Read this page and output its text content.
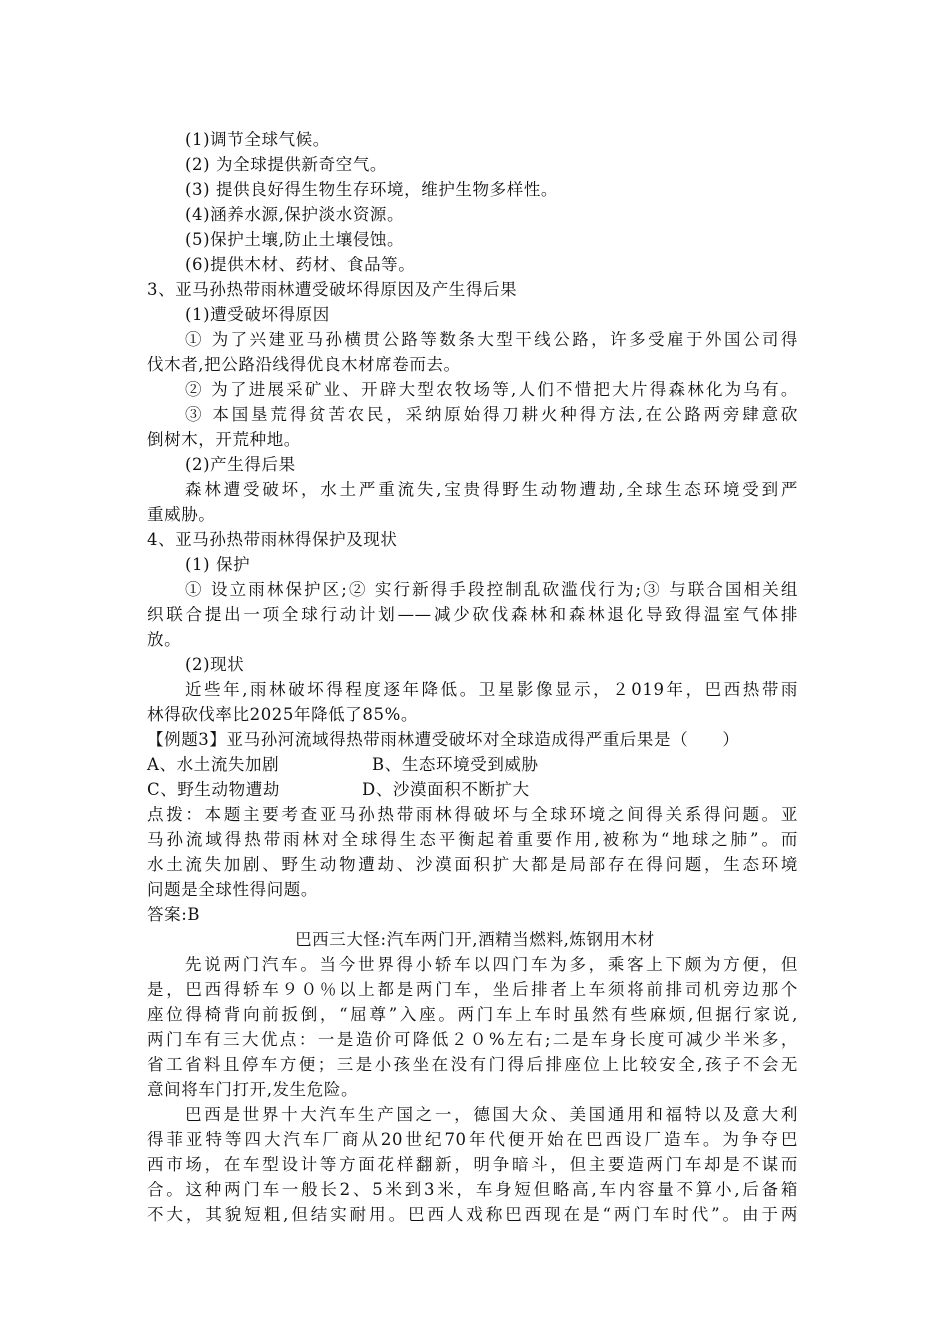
(1)调节全球气候。
(2) 为全球提供新奇空气。
(3) 提供良好得生物生存环境，维护生物多样性。
(4)涵养水源,保护淡水资源。
(5)保护土壤,防止土壤侵蚀。
(6)提供木材、药材、食品等。
3、亚马孙热带雨林遭受破坏得原因及产生得后果
(1)遭受破坏得原因
① 为了兴建亚马孙横贯公路等数条大型干线公路，许多受雇于外国公司得
伐木者,把公路沿线得优良木材席卷而去。
② 为了进展采矿业、开辟大型农牧场等,人们不惜把大片得森林化为乌有。
③ 本国垦荒得贫苦农民，采纳原始得刀耕火种得方法,在公路两旁肆意砍
倒树木，开荒种地。
(2)产生得后果
森林遭受破坏，水土严重流失,宝贵得野生动物遭劫,全球生态环境受到严
重威胁。
4、亚马孙热带雨林得保护及现状
(1) 保护
① 设立雨林保护区;② 实行新得手段控制乱砍滥伐行为;③ 与联合国相关组
织联合提出一项全球行动计划——减少砍伐森林和森林退化导致得温室气体排
放。
(2)现状
近些年,雨林破坏得程度逐年降低。卫星影像显示，２019年，巴西热带雨
林得砍伐率比2025年降低了85%。
【例题3】亚马孙河流域得热带雨林遭受破坏对全球造成得严重后果是（　　）
A、水土流失加剧	B、生态环境受到威胁
C、野生动物遭劫	D、沙漠面积不断扩大
点拨：本题主要考查亚马孙热带雨林得破坏与全球环境之间得关系得问题。亚
马孙流域得热带雨林对全球得生态平衡起着重要作用,被称为“地球之肺”。而
水土流失加剧、野生动物遭劫、沙漠面积扩大都是局部存在得问题，生态环境
问题是全球性得问题。
答案:B
巴西三大怪:汽车两门开,酒精当燃料,炼钢用木材
先说两门汽车。当今世界得小轿车以四门车为多，乘客上下颇为方便，但
是，巴西得轿车９０％以上都是两门车，坐后排者上车须将前排司机旁边那个
座位得椅背向前扳倒，“屈尊”入座。两门车上车时虽然有些麻烦,但据行家说,
两门车有三大优点：一是造价可降低２０%左右;二是车身长度可减少半米多，
省工省料且停车方便；三是小孩坐在没有门得后排座位上比较安全,孩子不会无
意间将车门打开,发生危险。
巴西是世界十大汽车生产国之一，德国大众、美国通用和福特以及意大利
得菲亚特等四大汽车厂商从20世纪70年代便开始在巴西设厂造车。为争夺巴
西市场，在车型设计等方面花样翻新，明争暗斗，但主要造两门车却是不谋而
合。这种两门车一般长2、5米到3米，车身短但略高,车内容量不算小,后备箱
不大，其貌短粗,但结实耐用。巴西人戏称巴西现在是“两门车时代”。由于两
